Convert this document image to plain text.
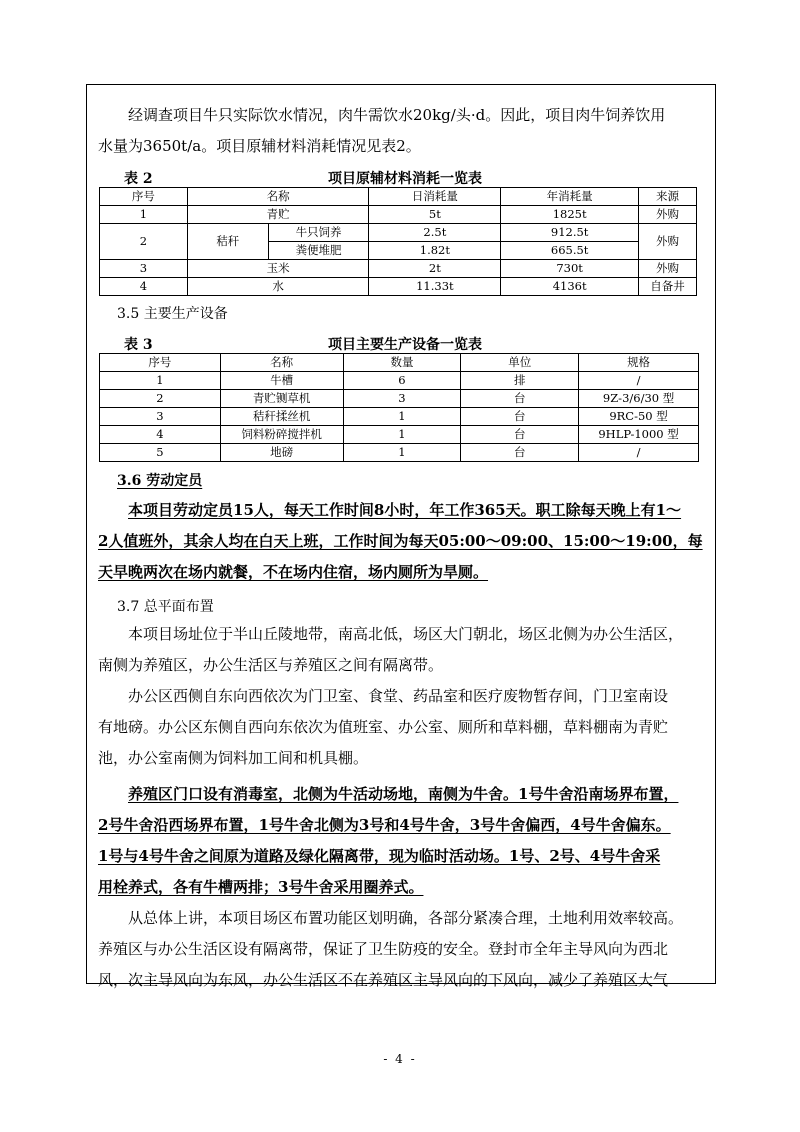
经调查项目牛只实际饮水情况，肉牛需饮水20kg/头·d。因此，项目肉牛饲养饮用
水量为3650t/a。项目原辅材料消耗情况见表2。
表 2	项目原辅材料消耗一览表
序号	名称		日消耗量	年消耗量	来源
1	青贮		5t	1825t	外购
2	秸秆	牛只饲养	2.5t	912.5t	外购
		粪便堆肥	1.82t	665.5t	
3	玉米		2t	730t	外购
4	水		11.33t	4136t	自备井
3.5 主要生产设备
表 3	项目主要生产设备一览表
序号	名称	数量	单位	规格
1	牛槽	6	排	/
2	青贮铡草机	3	台	9Z-3/6/30 型
3	秸秆揉丝机	1	台	9RC-50 型
4	饲料粉碎搅拌机	1	台	9HLP-1000 型
5	地磅	1	台	/
3.6 劳动定员
本项目劳动定员15人，每天工作时间8小时，年工作365天。职工除每天晚上有1～
2人值班外，其余人均在白天上班，工作时间为每天05:00～09:00、15:00～19:00，每
天早晚两次在场内就餐，不在场内住宿，场内厕所为旱厕。
3.7 总平面布置
本项目场址位于半山丘陵地带，南高北低，场区大门朝北，场区北侧为办公生活区，
南侧为养殖区，办公生活区与养殖区之间有隔离带。
办公区西侧自东向西依次为门卫室、食堂、药品室和医疗废物暂存间，门卫室南设
有地磅。办公区东侧自西向东依次为值班室、办公室、厕所和草料棚，草料棚南为青贮
池，办公室南侧为饲料加工间和机具棚。
养殖区门口设有消毒室，北侧为牛活动场地，南侧为牛舍。1号牛舍沿南场界布置，
2号牛舍沿西场界布置，1号牛舍北侧为3号和4号牛舍，3号牛舍偏西，4号牛舍偏东。
1号与4号牛舍之间原为道路及绿化隔离带，现为临时活动场。1号、2号、4号牛舍采
用栓养式，各有牛槽两排；3号牛舍采用圈养式。
从总体上讲，本项目场区布置功能区划明确，各部分紧凑合理，土地利用效率较高。
养殖区与办公生活区设有隔离带，保证了卫生防疫的安全。登封市全年主导风向为西北
风，次主导风向为东风，办公生活区不在养殖区主导风向的下风向，减少了养殖区大气
- 4 -
